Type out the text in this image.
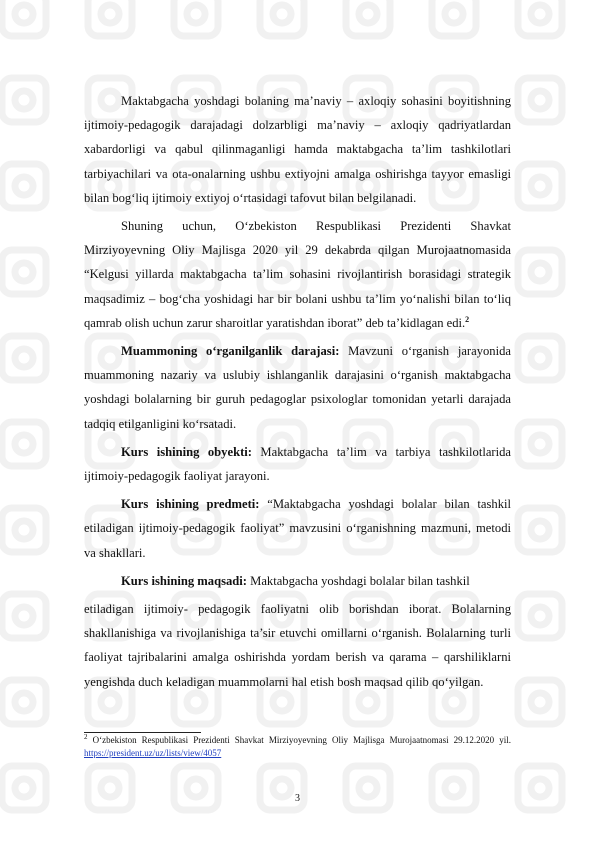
Maktabgacha yoshdagi bolaning ma’naviy – axloqiy sohasini boyitishning ijtimoiy-pedagogik darajadagi dolzarbligi ma’naviy – axloqiy qadriyatlardan xabardorligi va qabul qilinmaganligi hamda maktabgacha ta’lim tashkilotlari tarbiyachilari va ota-onalarning ushbu extiyojni amalga oshirishga tayyor emasligi bilan bog‘liq ijtimoiy extiyoj o‘rtasidagi tafovut bilan belgilanadi.

Shuning uchun, O‘zbekiston Respublikasi Prezidenti Shavkat Mirziyoyevning Oliy Majlisga 2020 yil 29 dekabrda qilgan Murojaatnomasida “Kelgusi yillarda maktabgacha ta’lim sohasini rivojlantirish borasidagi strategik maqsadimiz – bog‘cha yoshidagi har bir bolani ushbu ta’lim yo‘nalishi bilan to‘liq qamrab olish uchun zarur sharoitlar yaratishdan iborat” deb ta’kidlagan edi.$^2$

Muammoning o‘rganilganlik darajasi: Mavzuni o‘rganish jarayonida muammoning nazariy va uslubiy ishlanganlik darajasini o‘rganish maktabgacha yoshdagi bolalarning bir guruh pedagoglar psixologlar tomonidan yetarli darajada tadqiq etilganligini ko‘rsatadi.

Kurs ishining obyekti: Maktabgacha ta’lim va tarbiya tashkilotlarida ijtimoiy-pedagogik faoliyat jarayoni.

Kurs ishining predmeti: “Maktabgacha yoshdagi bolalar bilan tashkil etiladigan ijtimoiy-pedagogik faoliyat” mavzusini o‘rganishning mazmuni, metodi va shakllari.

Kurs ishining maqsadi: Maktabgacha yoshdagi bolalar bilan tashkil

etiladigan ijtimoiy- pedagogik faoliyatni olib borishdan iborat. Bolalarning shakllanishiga va rivojlanishiga ta’sir etuvchi omillarni o‘rganish. Bolalarning turli faoliyat tajribalarini amalga oshirishda yordam berish va qarama – qarshiliklarni yengishda duch keladigan muammolarni hal etish bosh maqsad qilib qo‘yilgan.

$^2$ O‘zbekiston Respublikasi Prezidenti Shavkat Mirziyoyevning Oliy Majlisga Murojaatnomasi 29.12.2020 yil. https://president.uz/uz/lists/view/4057
3
